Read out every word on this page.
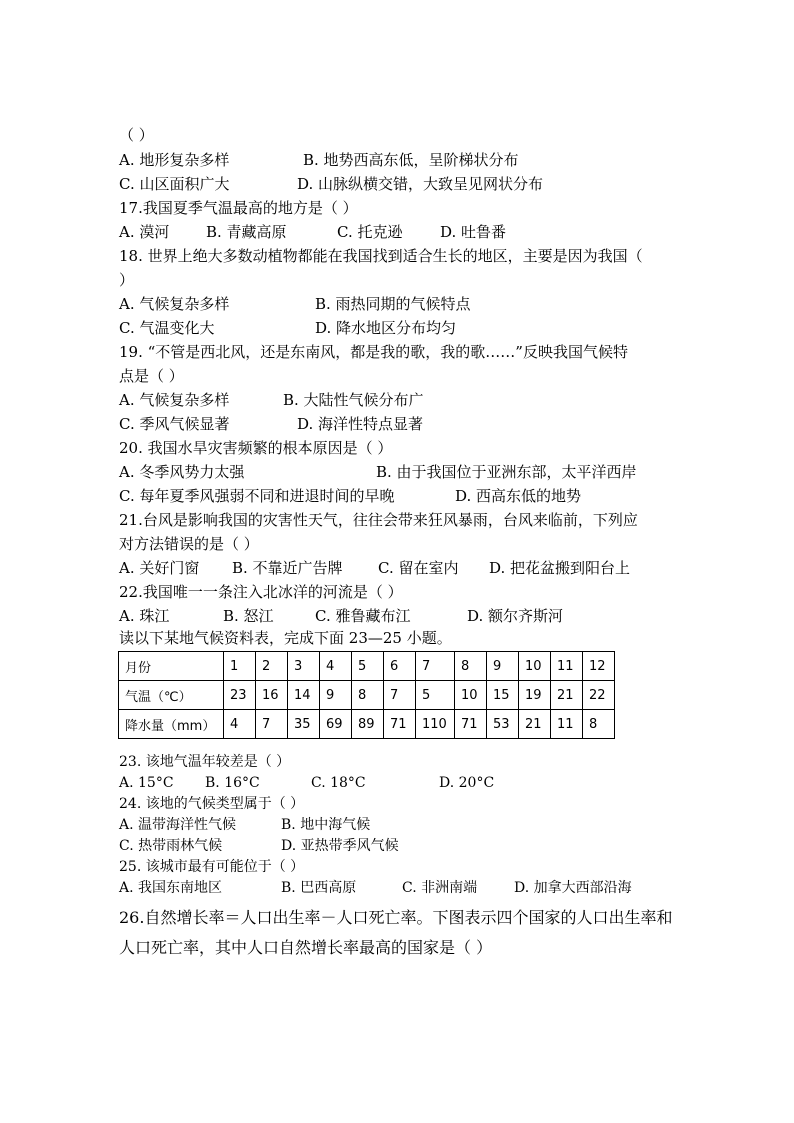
（ ）
A. 地形复杂多样	B. 地势西高东低，呈阶梯状分布
C. 山区面积广大	D. 山脉纵横交错，大致呈见网状分布
17.我国夏季气温最高的地方是（ ）
A. 漠河 B. 青藏高原	C. 托克逊	D. 吐鲁番
18. 世界上绝大多数动植物都能在我国找到适合生长的地区，主要是因为我国（
）
A. 气候复杂多样	B. 雨热同期的气候特点
C. 气温变化大	D. 降水地区分布均匀
19. “不管是西北风，还是东南风，都是我的歌，我的歌……”反映我国气候特
点是（ ）
A. 气候复杂多样	B. 大陆性气候分布广
C. 季风气候显著	D. 海洋性特点显著
20. 我国水旱灾害频繁的根本原因是（ ）
A. 冬季风势力太强	B. 由于我国位于亚洲东部，太平洋西岸
C. 每年夏季风强弱不同和进退时间的早晚	D. 西高东低的地势
21.台风是影响我国的灾害性天气，往往会带来狂风暴雨，台风来临前，下列应
对方法错误的是（ ）
A. 关好门窗 B. 不靠近广告牌 C. 留在室内 D. 把花盆搬到阳台上
22.我国唯一一条注入北冰洋的河流是（ ）
A. 珠江	B. 怒江	C. 雅鲁藏布江	D. 额尔齐斯河
读以下某地气候资料表，完成下面 23—25 小题。
月份	1	2	3	4	5	6	7	8	9	10	11	12
气温（℃）	23	16	14	9	8	7	5	10	15	19	21	22
降水量（mm）	4	7	35	69	89	71	110	71	53	21	11	8
23. 该地气温年较差是（ ）
A. 15°C B. 16°C	C. 18°C	D. 20°C
24. 该地的气候类型属于（ ）
A. 温带海洋性气候	B. 地中海气候
C. 热带雨林气候	D. 亚热带季风气候
25. 该城市最有可能位于（ ）
A. 我国东南地区	B. 巴西高原	C. 非洲南端	D. 加拿大西部沿海
26.自然增长率＝人口出生率－人口死亡率。下图表示四个国家的人口出生率和
人口死亡率，其中人口自然增长率最高的国家是（ ）
